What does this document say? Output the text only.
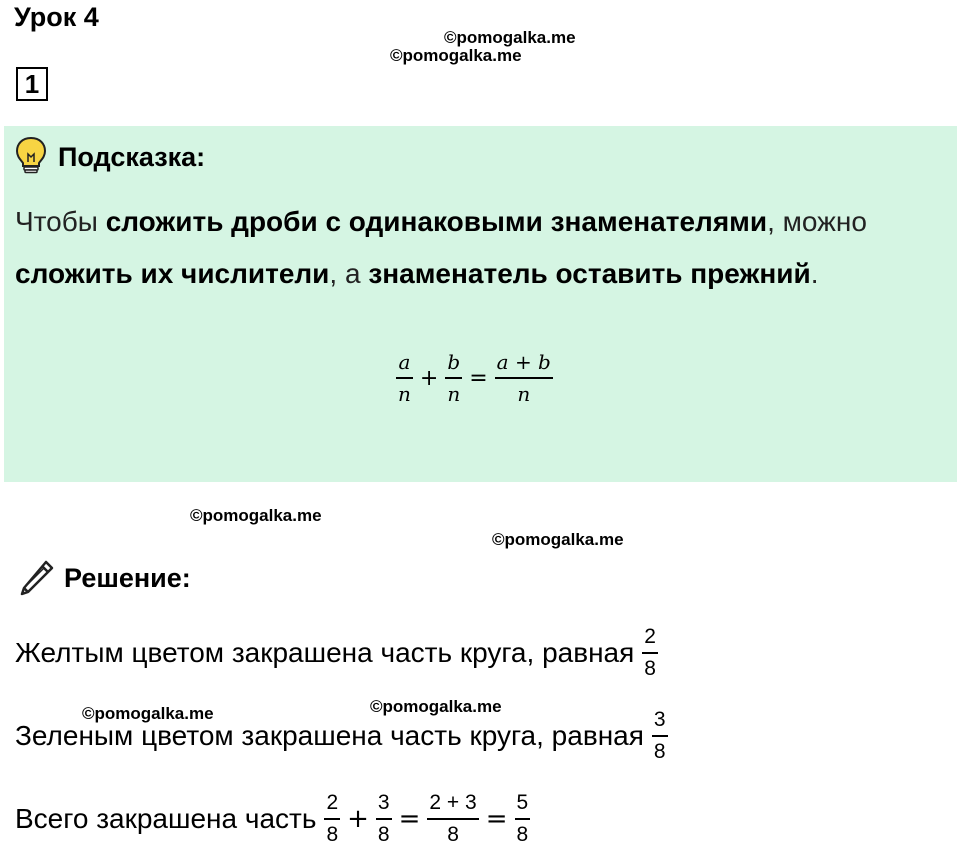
Урок 4
©pomogalka.me
©pomogalka.me
1
Подсказка:
Чтобы сложить дроби с одинаковыми знаменателями, можно сложить их числители, а знаменатель оставить прежний.
$\frac{a}{n} + \frac{b}{n} = \frac{a + b}{n}$
©pomogalka.me
©pomogalka.me
Решение:
Желтым цветом закрашена часть круга, равная $\frac{2}{8}$
©pomogalka.me	©pomogalka.me
Зеленым цветом закрашена часть круга, равная $\frac{3}{8}$
Всего закрашена часть $\frac{2}{8} + \frac{3}{8} = \frac{2 + 3}{8} = \frac{5}{8}$
